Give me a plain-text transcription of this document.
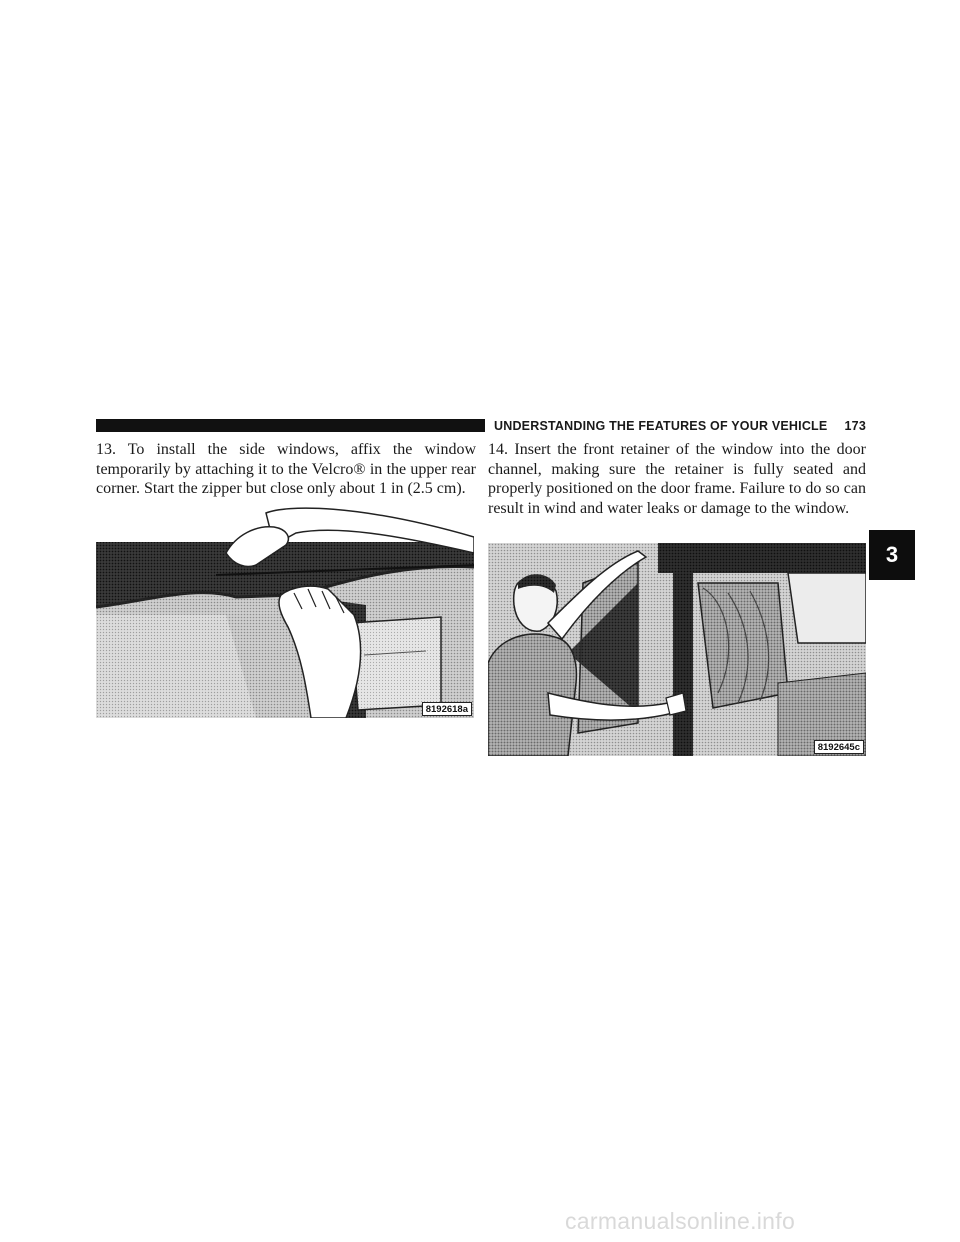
UNDERSTANDING THE FEATURES OF YOUR VEHICLE 173

13. To install the side windows, affix the window temporarily by attaching it to the Velcro® in the upper rear corner. Start the zipper but close only about 1 in (2.5 cm).

8192618a

14. Insert the front retainer of the window into the door channel, making sure the retainer is fully seated and properly positioned on the door frame. Failure to do so can result in wind and water leaks or damage to the window.

8192645c
3
carmanualsonline.info
